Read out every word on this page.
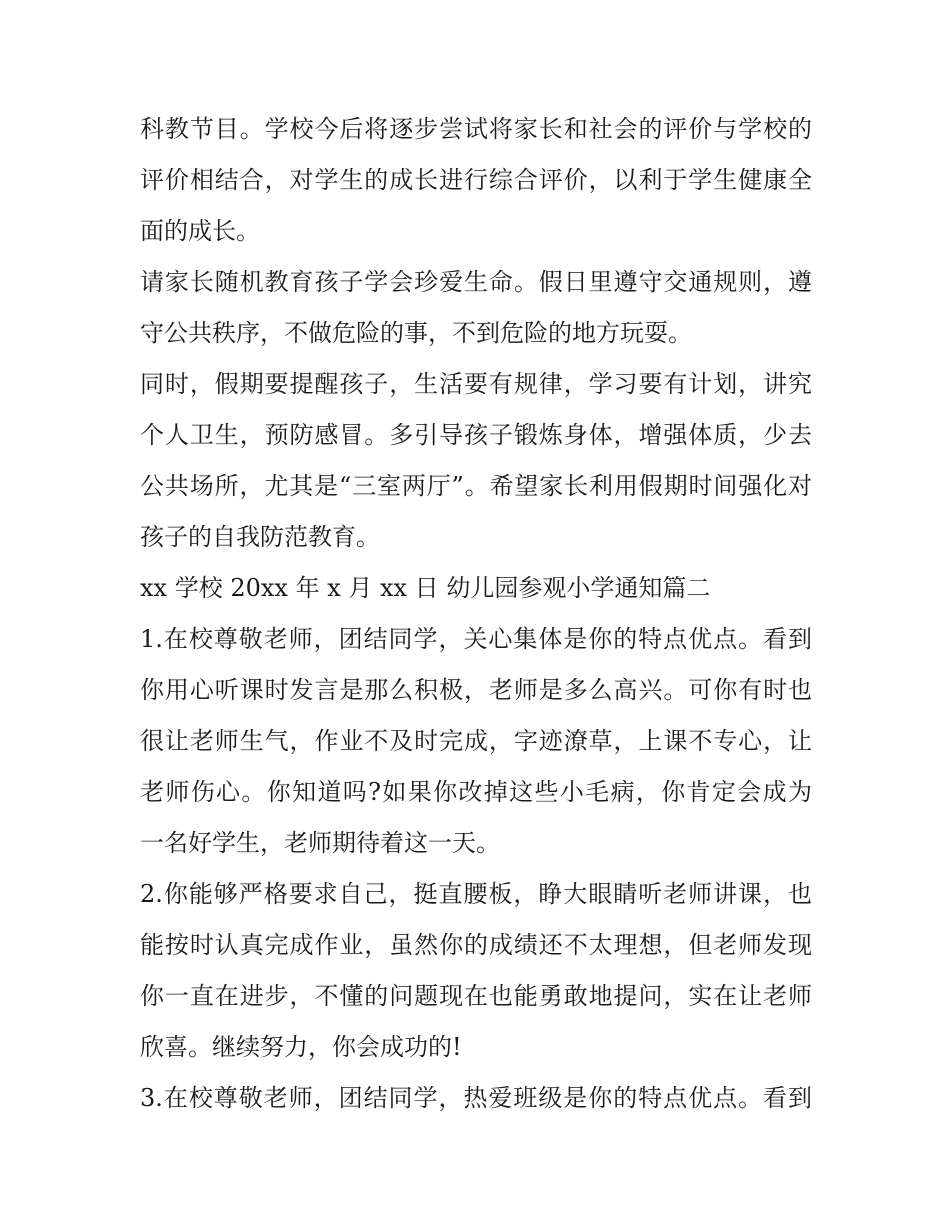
科教节目。学校今后将逐步尝试将家长和社会的评价与学校的
评价相结合，对学生的成长进行综合评价，以利于学生健康全
面的成长。
请家长随机教育孩子学会珍爱生命。假日里遵守交通规则，遵
守公共秩序，不做危险的事，不到危险的地方玩耍。
同时，假期要提醒孩子，生活要有规律，学习要有计划，讲究
个人卫生，预防感冒。多引导孩子锻炼身体，增强体质，少去
公共场所，尤其是“三室两厅”。希望家长利用假期时间强化对
孩子的自我防范教育。
xx 学校 20xx 年 x 月 xx 日 幼儿园参观小学通知篇二
1.在校尊敬老师，团结同学，关心集体是你的特点优点。看到
你用心听课时发言是那么积极，老师是多么高兴。可你有时也
很让老师生气，作业不及时完成，字迹潦草，上课不专心，让
老师伤心。你知道吗?如果你改掉这些小毛病，你肯定会成为
一名好学生，老师期待着这一天。
2.你能够严格要求自己，挺直腰板，睁大眼睛听老师讲课，也
能按时认真完成作业，虽然你的成绩还不太理想，但老师发现
你一直在进步，不懂的问题现在也能勇敢地提问，实在让老师
欣喜。继续努力，你会成功的!
3.在校尊敬老师，团结同学，热爱班级是你的特点优点。看到
